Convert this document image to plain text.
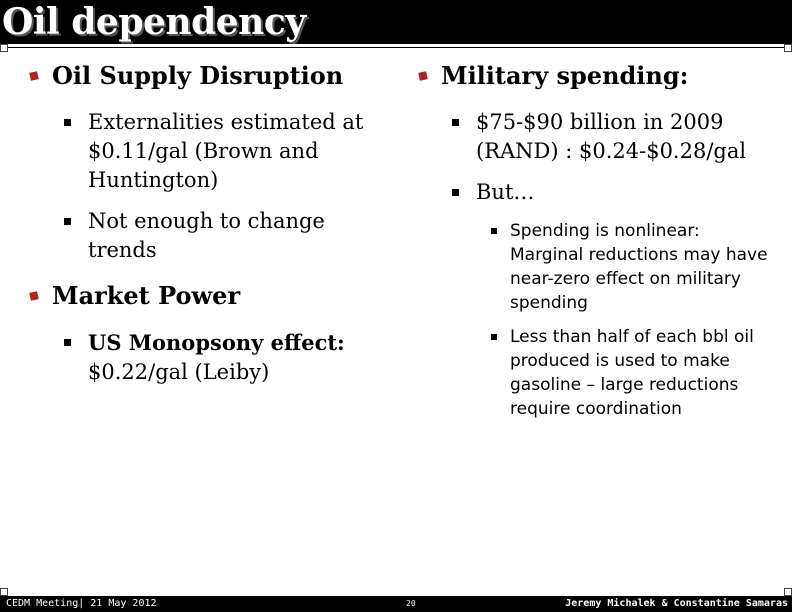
Oil dependency
Oil Supply Disruption
Externalities estimated at $0.11/gal (Brown and Huntington)
Not enough to change trends
Market Power
US Monopsony effect:
$0.22/gal (Leiby)
Military spending:
$75-$90 billion in 2009 (RAND) : $0.24-$0.28/gal
But…
Spending is nonlinear: Marginal reductions may have near-zero effect on military spending
Less than half of each bbl oil produced is used to make gasoline – large reductions require coordination
CEDM Meeting| 21 May 2012	20	Jeremy Michalek & Constantine Samaras
